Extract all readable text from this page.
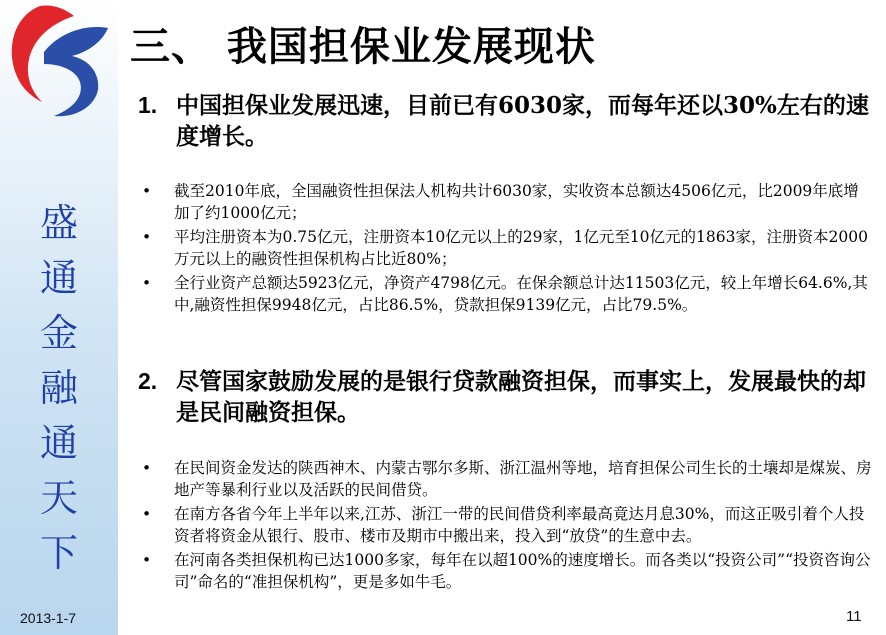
盛
通
金
融
通
天
下
2013-1-7
三、 我国担保业发展现状
1. 中国担保业发展迅速，目前已有6030家，而每年还以30%左右的速度增长。
• 截至2010年底，全国融资性担保法人机构共计6030家，实收资本总额达4506亿元，比2009年底增加了约1000亿元；
• 平均注册资本为0.75亿元，注册资本10亿元以上的29家，1亿元至10亿元的1863家，注册资本2000万元以上的融资性担保机构占比近80%；
• 全行业资产总额达5923亿元，净资产4798亿元。在保余额总计达11503亿元，较上年增长64.6%,其中,融资性担保9948亿元，占比86.5%，贷款担保9139亿元，占比79.5%。
2. 尽管国家鼓励发展的是银行贷款融资担保，而事实上，发展最快的却是民间融资担保。
• 在民间资金发达的陕西神木、内蒙古鄂尔多斯、浙江温州等地，培育担保公司生长的土壤却是煤炭、房地产等暴利行业以及活跃的民间借贷。
• 在南方各省今年上半年以来,江苏、浙江一带的民间借贷利率最高竟达月息30%，而这正吸引着个人投资者将资金从银行、股市、楼市及期市中搬出来，投入到“放贷”的生意中去。
• 在河南各类担保机构已达1000多家，每年在以超100%的速度增长。而各类以“投资公司”“投资咨询公司”命名的“准担保机构”，更是多如牛毛。
11
